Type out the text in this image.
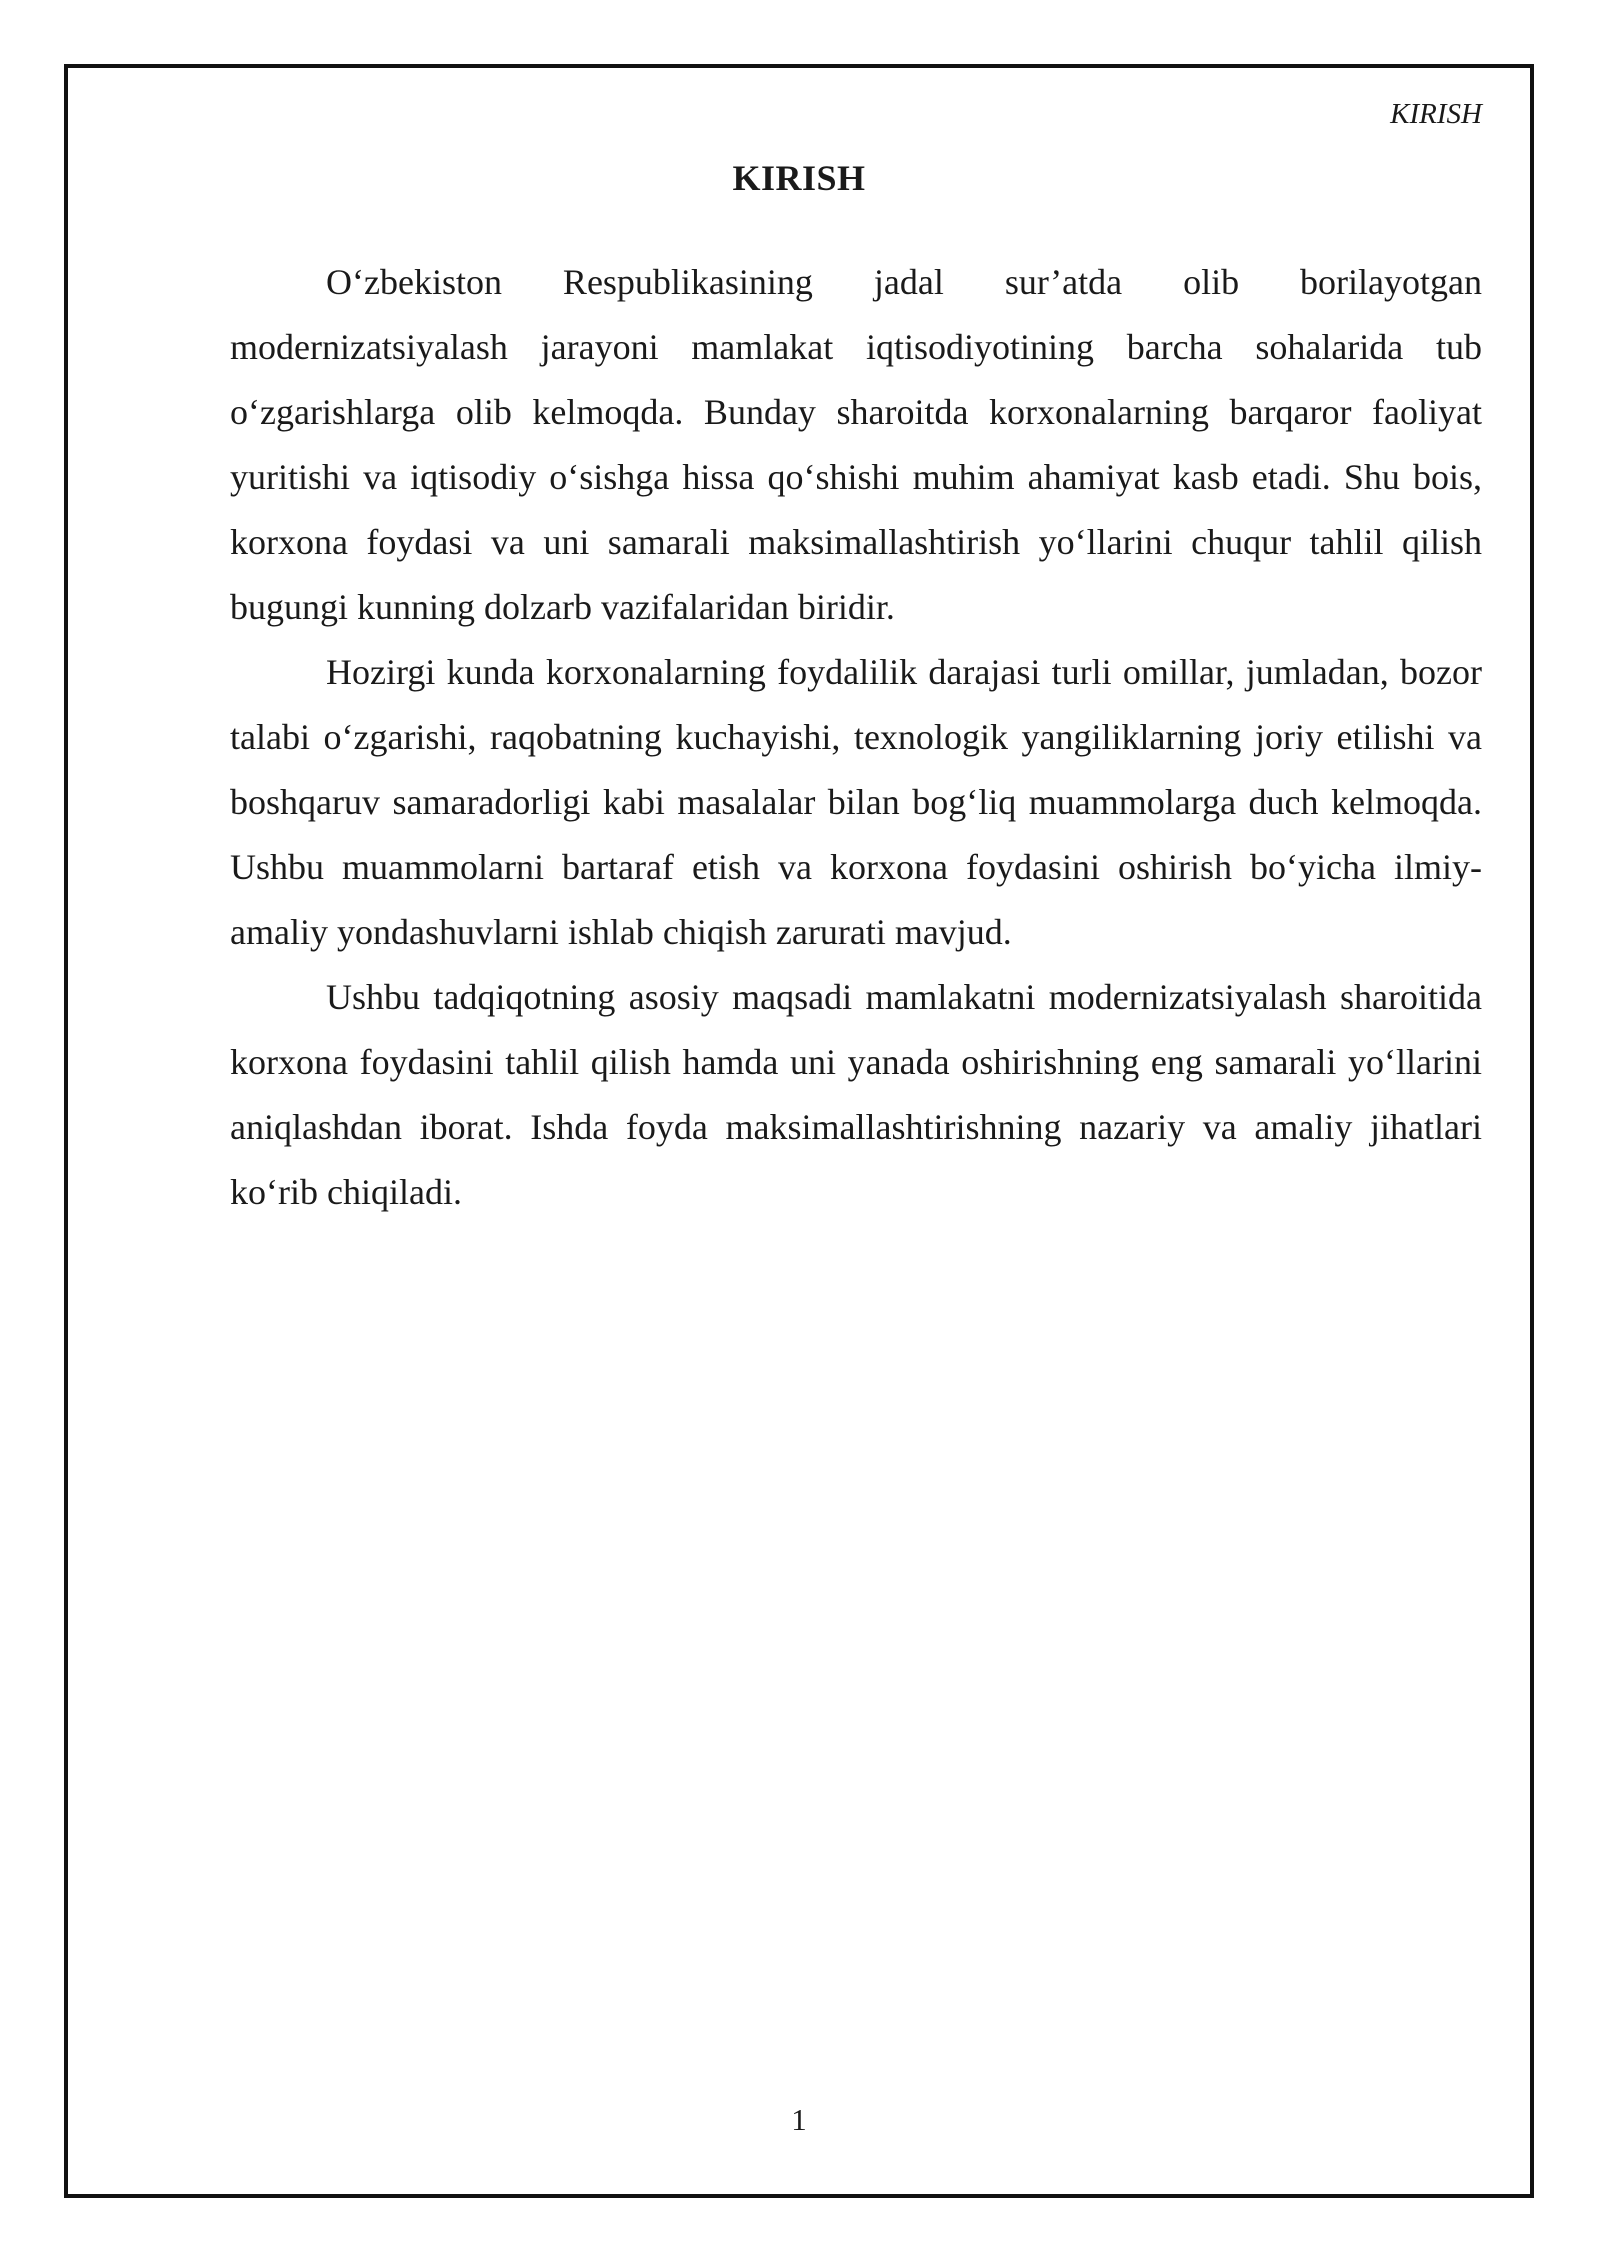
KIRISH
KIRISH

O‘zbekiston Respublikasining jadal sur’atda olib borilayotgan modernizatsiyalash jarayoni mamlakat iqtisodiyotining barcha sohalarida tub o‘zgarishlarga olib kelmoqda. Bunday sharoitda korxonalarning barqaror faoliyat yuritishi va iqtisodiy o‘sishga hissa qo‘shishi muhim ahamiyat kasb etadi. Shu bois, korxona foydasi va uni samarali maksimallashtirish yo‘llarini chuqur tahlil qilish bugungi kunning dolzarb vazifalaridan biridir.

Hozirgi kunda korxonalarning foydalilik darajasi turli omillar, jumladan, bozor talabi o‘zgarishi, raqobatning kuchayishi, texnologik yangiliklarning joriy etilishi va boshqaruv samaradorligi kabi masalalar bilan bog‘liq muammolarga duch kelmoqda. Ushbu muammolarni bartaraf etish va korxona foydasini oshirish bo‘yicha ilmiy-amaliy yondashuvlarni ishlab chiqish zarurati mavjud.

Ushbu tadqiqotning asosiy maqsadi mamlakatni modernizatsiyalash sharoitida korxona foydasini tahlil qilish hamda uni yanada oshirishning eng samarali yo‘llarini aniqlashdan iborat. Ishda foyda maksimallashtirishning nazariy va amaliy jihatlari ko‘rib chiqiladi.

1
